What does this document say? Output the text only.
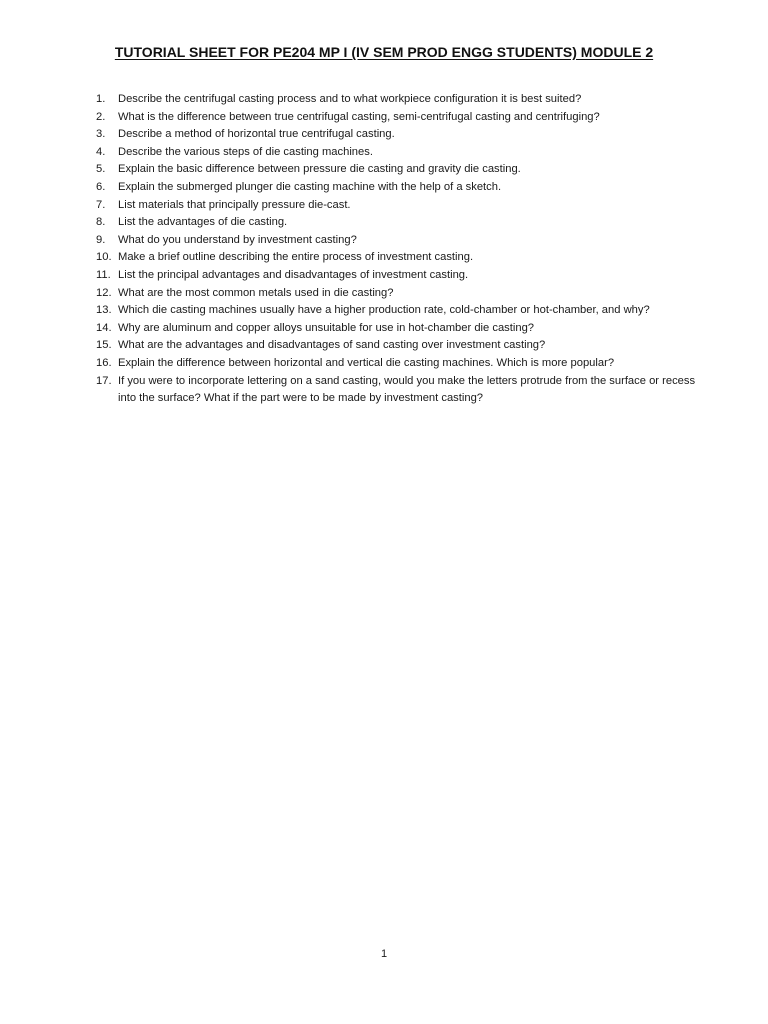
TUTORIAL SHEET FOR PE204 MP I (IV SEM PROD ENGG STUDENTS) MODULE 2
1.	Describe the centrifugal casting process and to what workpiece configuration it is best suited?
2.	What is the difference between true centrifugal casting, semi-centrifugal casting and centrifuging?
3.	Describe a method of horizontal true centrifugal casting.
4.	Describe the various steps of die casting machines.
5.	Explain the basic difference between pressure die casting and gravity die casting.
6.	Explain the submerged plunger die casting machine with the help of a sketch.
7.	List materials that principally pressure die-cast.
8.	List the advantages of die casting.
9.	What do you understand by investment casting?
10. Make a brief outline describing the entire process of investment casting.
11. List the principal advantages and disadvantages of investment casting.
12. What are the most common metals used in die casting?
13. Which die casting machines usually have a higher production rate, cold-chamber or hot-chamber, and why?
14. Why are aluminum and copper alloys unsuitable for use in hot-chamber die casting?
15. What are the advantages and disadvantages of sand casting over investment casting?
16. Explain the difference between horizontal and vertical die casting machines. Which is more popular?
17. If you were to incorporate lettering on a sand casting, would you make the letters protrude from the surface or recess into the surface? What if the part were to be made by investment casting?
1
